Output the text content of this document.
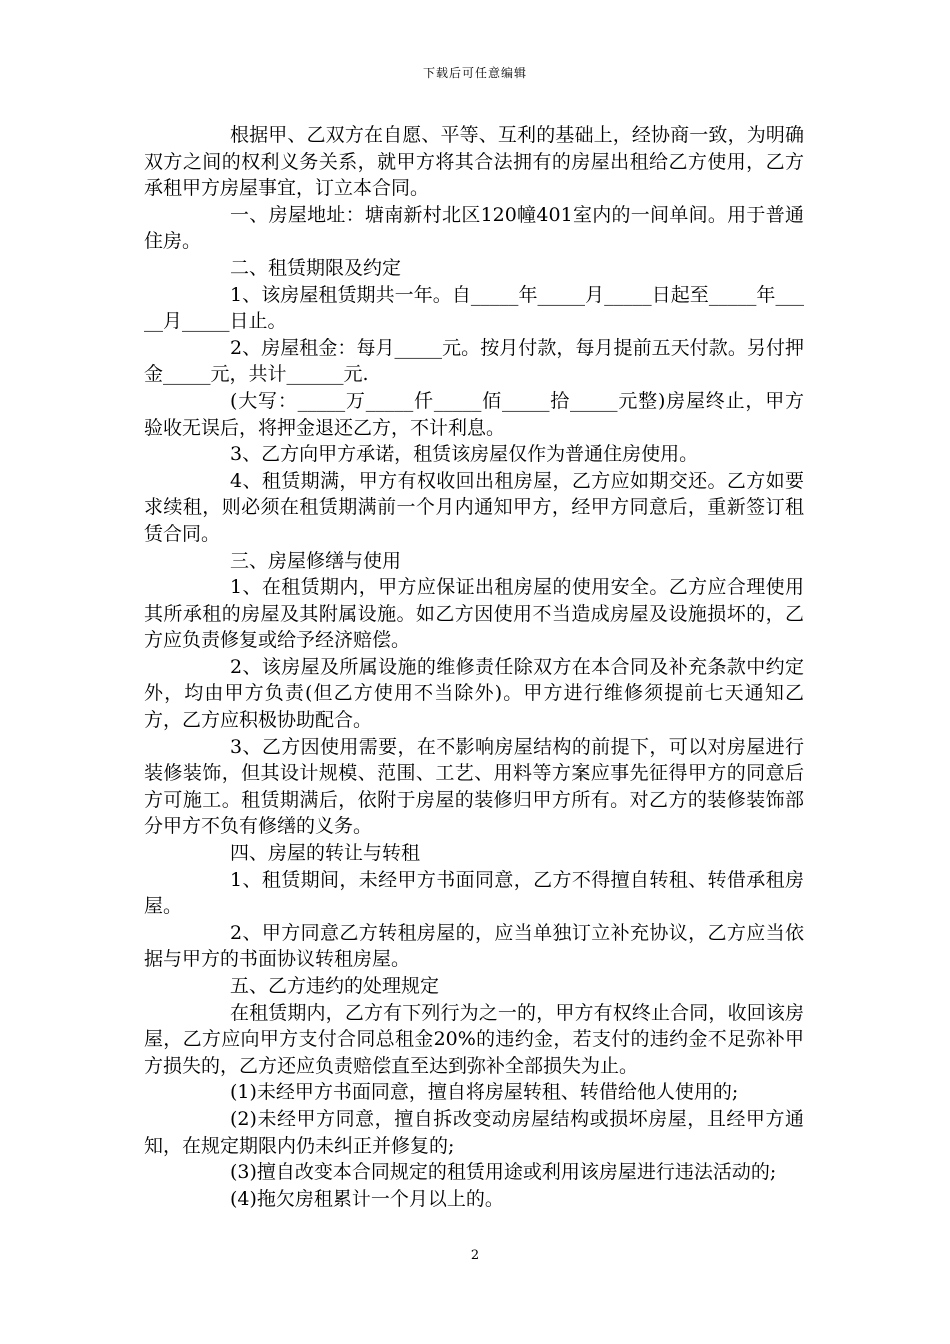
下载后可任意编辑

根据甲、乙双方在自愿、平等、互利的基础上，经协商一致，为明确双方之间的权利义务关系，就甲方将其合法拥有的房屋出租给乙方使用，乙方承租甲方房屋事宜，订立本合同。

一、房屋地址：塘南新村北区120幢401室内的一间单间。用于普通住房。

二、租赁期限及约定

1、该房屋租赁期共一年。自_____年_____月_____日起至_____年_____月_____日止。

2、房屋租金：每月_____元。按月付款，每月提前五天付款。另付押金_____元，共计______元.

(大写：_____万_____仟_____佰_____拾_____元整)房屋终止，甲方验收无误后，将押金退还乙方，不计利息。

3、乙方向甲方承诺，租赁该房屋仅作为普通住房使用。

4、租赁期满，甲方有权收回出租房屋，乙方应如期交还。乙方如要求续租，则必须在租赁期满前一个月内通知甲方，经甲方同意后，重新签订租赁合同。

三、房屋修缮与使用

1、在租赁期内，甲方应保证出租房屋的使用安全。乙方应合理使用其所承租的房屋及其附属设施。如乙方因使用不当造成房屋及设施损坏的，乙方应负责修复或给予经济赔偿。

2、该房屋及所属设施的维修责任除双方在本合同及补充条款中约定外，均由甲方负责(但乙方使用不当除外)。甲方进行维修须提前七天通知乙方，乙方应积极协助配合。

3、乙方因使用需要，在不影响房屋结构的前提下，可以对房屋进行装修装饰，但其设计规模、范围、工艺、用料等方案应事先征得甲方的同意后方可施工。租赁期满后，依附于房屋的装修归甲方所有。对乙方的装修装饰部分甲方不负有修缮的义务。

四、房屋的转让与转租

1、租赁期间，未经甲方书面同意，乙方不得擅自转租、转借承租房屋。

2、甲方同意乙方转租房屋的，应当单独订立补充协议，乙方应当依据与甲方的书面协议转租房屋。

五、乙方违约的处理规定

在租赁期内，乙方有下列行为之一的，甲方有权终止合同，收回该房屋，乙方应向甲方支付合同总租金20%的违约金，若支付的违约金不足弥补甲方损失的，乙方还应负责赔偿直至达到弥补全部损失为止。

(1)未经甲方书面同意，擅自将房屋转租、转借给他人使用的;

(2)未经甲方同意，擅自拆改变动房屋结构或损坏房屋，且经甲方通知，在规定期限内仍未纠正并修复的;

(3)擅自改变本合同规定的租赁用途或利用该房屋进行违法活动的;

(4)拖欠房租累计一个月以上的。

2
